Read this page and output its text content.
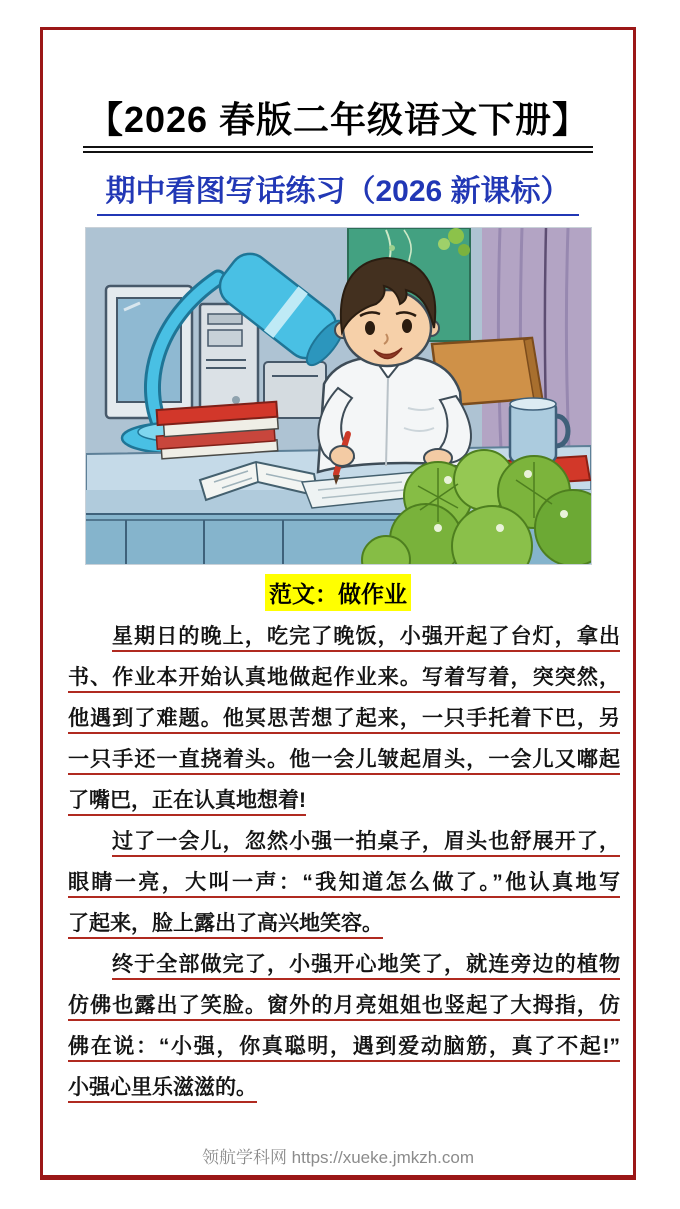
【2026 春版二年级语文下册】
期中看图写话练习（2026 新课标）
范文：做作业
星期日的晚上，吃完了晚饭，小强开起了台灯，拿出
书、作业本开始认真地做起作业来。写着写着，突突然，
他遇到了难题。他冥思苦想了起来，一只手托着下巴，另
一只手还一直挠着头。他一会儿皱起眉头，一会儿又嘟起
了嘴巴，正在认真地想着!
过了一会儿，忽然小强一拍桌子，眉头也舒展开了，
眼睛一亮，大叫一声：“我知道怎么做了。”他认真地写
了起来，脸上露出了高兴地笑容。
终于全部做完了，小强开心地笑了，就连旁边的植物
仿佛也露出了笑脸。窗外的月亮姐姐也竖起了大拇指，仿
佛在说：“小强，你真聪明，遇到爱动脑筋，真了不起!”
小强心里乐滋滋的。
领航学科网 https://xueke.jmkzh.com
